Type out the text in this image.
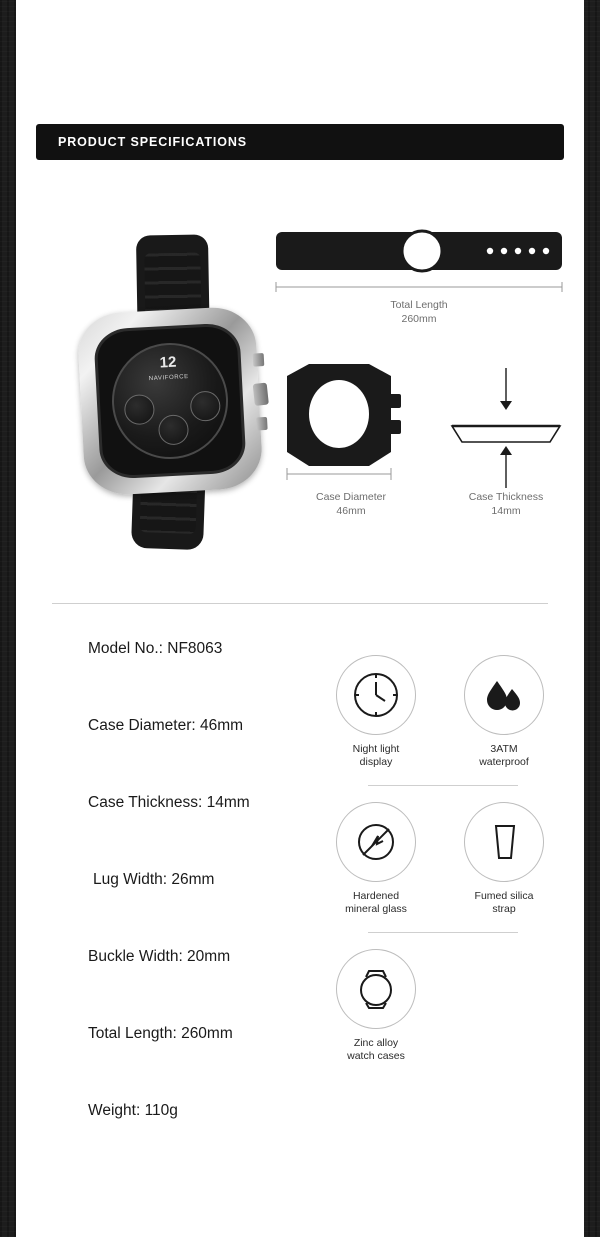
PRODUCT SPECIFICATIONS
12
NAVIFORCE
Total Length
260mm
Case Diameter
46mm
Case Thickness
14mm
Model No.: NF8063
Case Diameter: 46mm
Case Thickness: 14mm
Lug Width: 26mm
Buckle Width: 20mm
Total Length: 260mm
Weight: 110g
Night light
display
3ATM
waterproof
Hardened
mineral glass
Fumed silica
strap
Zinc alloy
watch cases
